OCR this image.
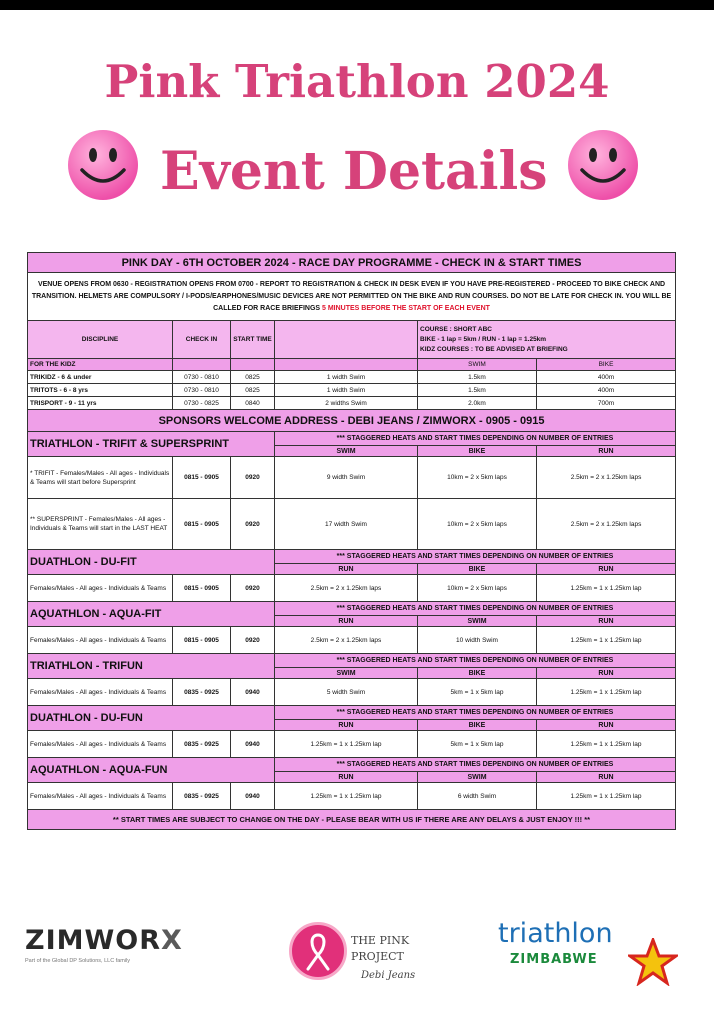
Pink Triathlon 2024
Event Details
PINK DAY - 6TH OCTOBER 2024 - RACE DAY PROGRAMME - CHECK IN & START TIMES					
VENUE OPENS FROM 0630 - REGISTRATION OPENS FROM 0700 - REPORT TO REGISTRATION & CHECK IN DESK EVEN IF YOU HAVE PRE-REGISTERED - PROCEED TO BIKE CHECK AND TRANSITION. HELMETS ARE COMPULSORY / I-PODS/EARPHONES/MUSIC DEVICES ARE NOT PERMITTED ON THE BIKE AND RUN COURSES. DO NOT BE LATE FOR CHECK IN. YOU WILL BE CALLED FOR RACE BRIEFINGS 5 MINUTES BEFORE THE START OF EACH EVENT					
DISCIPLINE	CHECK IN	START TIME		COURSE : SHORT ABC
BIKE - 1 lap = 5km / RUN - 1 lap = 1.25km
KIDZ COURSES : TO BE ADVISED AT BRIEFING	

FOR THE KIDZ				SWIM	BIKE
TRIKIDZ - 6 & under	0730 - 0810	0825	1 width Swim	1.5km	400m
TRITOTS - 6 - 8 yrs	0730 - 0810	0825	1 width Swim	1.5km	400m
TRISPORT - 9 - 11 yrs	0730 - 0825	0840	2 widths Swim	2.0km	700m
SPONSORS WELCOME ADDRESS - DEBI JEANS / ZIMWORX - 0905 - 0915					
TRIATHLON - TRIFIT & SUPERSPRINT			*** STAGGERED HEATS AND START TIMES DEPENDING ON NUMBER OF ENTRIES		
			SWIM	BIKE	RUN
* TRIFIT - Females/Males - All ages - Individuals & Teams will start before Supersprint	0815 - 0905	0920	9 width Swim	10km = 2 x 5km laps	2.5km = 2 x 1.25km laps
** SUPERSPRINT - Females/Males - All ages - Individuals & Teams will start in the LAST HEAT	0815 - 0905	0920	17 width Swim	10km = 2 x 5km laps	2.5km = 2 x 1.25km laps
DUATHLON - DU-FIT			*** STAGGERED HEATS AND START TIMES DEPENDING ON NUMBER OF ENTRIES		
			RUN	BIKE	RUN
Females/Males - All ages - Individuals & Teams	0815 - 0905	0920	2.5km = 2 x 1.25km laps	10km = 2 x 5km laps	1.25km = 1 x 1.25km lap
AQUATHLON - AQUA-FIT			*** STAGGERED HEATS AND START TIMES DEPENDING ON NUMBER OF ENTRIES		
			RUN	SWIM	RUN
Females/Males - All ages - Individuals & Teams	0815 - 0905	0920	2.5km = 2 x 1.25km laps	10 width Swim	1.25km = 1 x 1.25km lap
TRIATHLON - TRIFUN			*** STAGGERED HEATS AND START TIMES DEPENDING ON NUMBER OF ENTRIES		
			SWIM	BIKE	RUN
Females/Males - All ages - Individuals & Teams	0835 - 0925	0940	5 width Swim	5km = 1 x 5km lap	1.25km = 1 x 1.25km lap
DUATHLON - DU-FUN			*** STAGGERED HEATS AND START TIMES DEPENDING ON NUMBER OF ENTRIES		
			RUN	BIKE	RUN
Females/Males - All ages - Individuals & Teams	0835 - 0925	0940	1.25km = 1 x 1.25km lap	5km = 1 x 5km lap	1.25km = 1 x 1.25km lap
AQUATHLON - AQUA-FUN			*** STAGGERED HEATS AND START TIMES DEPENDING ON NUMBER OF ENTRIES		
			RUN	SWIM	RUN
Females/Males - All ages - Individuals & Teams	0835 - 0925	0940	1.25km = 1 x 1.25km lap	6 width Swim	1.25km = 1 x 1.25km lap
** START TIMES ARE SUBJECT TO CHANGE ON THE DAY - PLEASE BEAR WITH US IF THERE ARE ANY DELAYS & JUST ENJOY !!! **					
ZIMWORX
Part of the Global DP Solutions, LLC family
THE PINK
PROJECT
Debi Jeans
triathlon
ZIMBABWE
